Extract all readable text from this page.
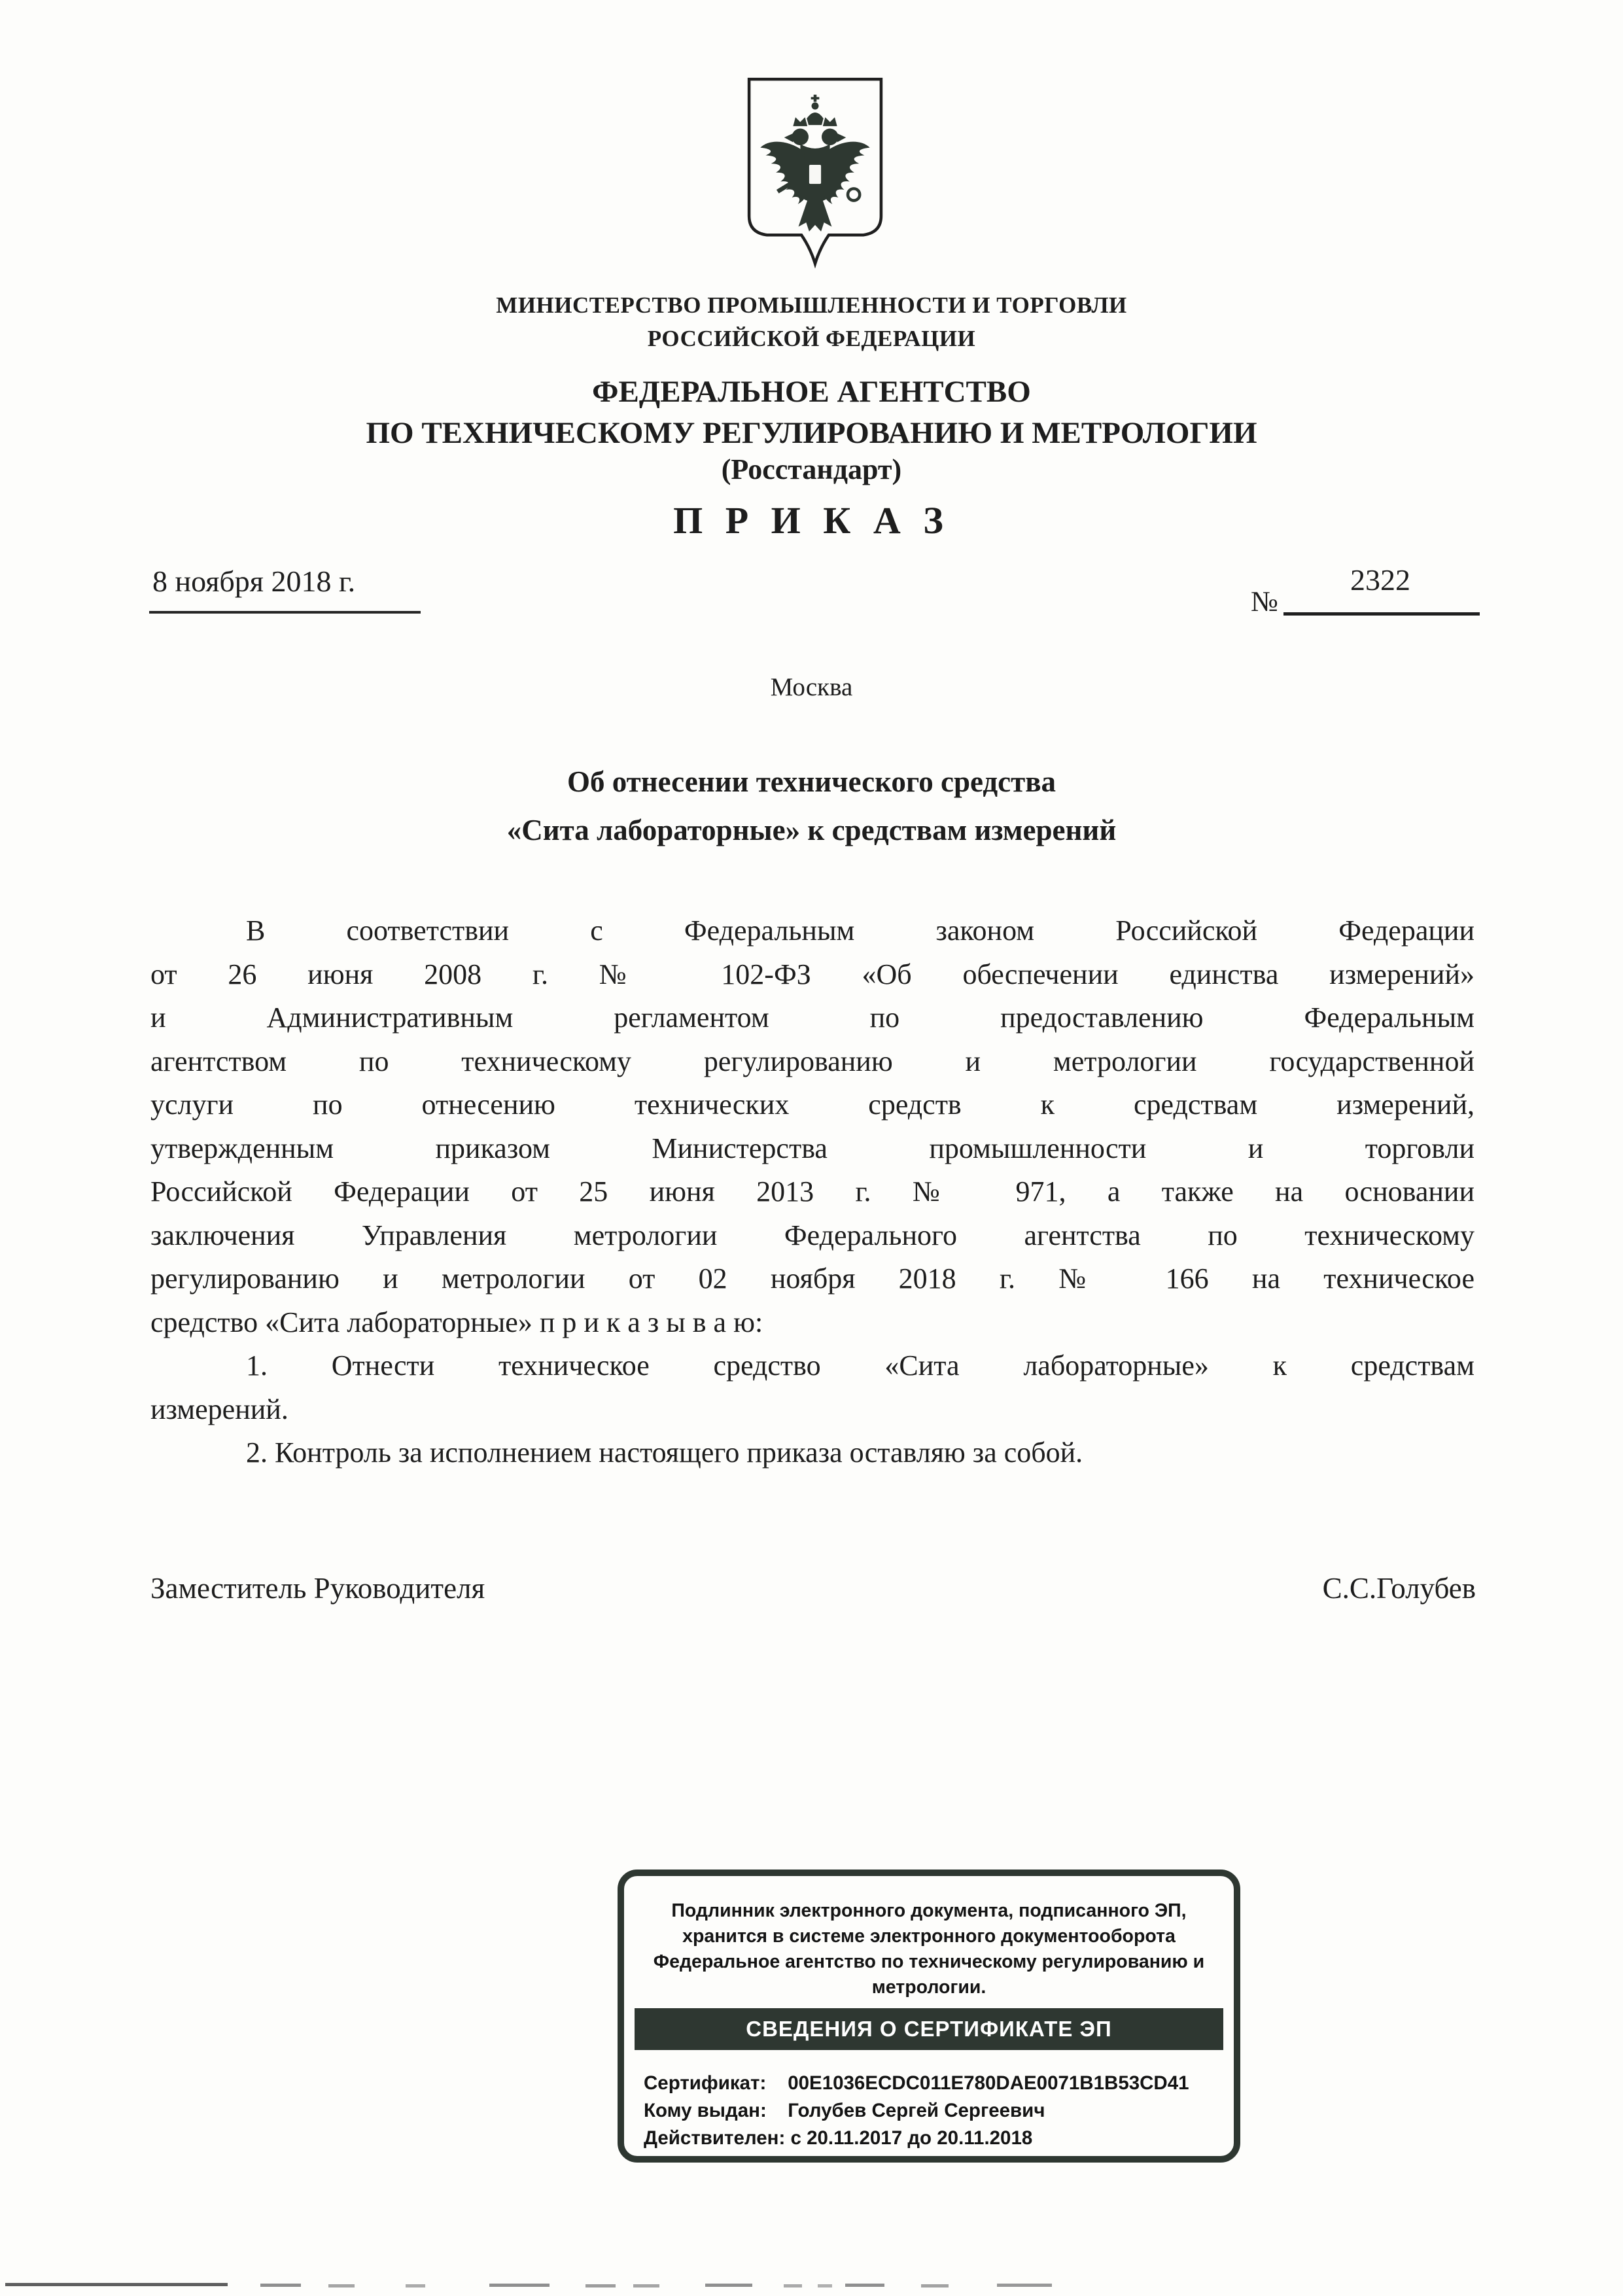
МИНИСТЕРСТВО ПРОМЫШЛЕННОСТИ И ТОРГОВЛИ
РОССИЙСКОЙ ФЕДЕРАЦИИ
ФЕДЕРАЛЬНОЕ АГЕНТСТВО
ПО ТЕХНИЧЕСКОМУ РЕГУЛИРОВАНИЮ И МЕТРОЛОГИИ
(Росстандарт)
П Р И К А З
8 ноября 2018 г.
№
2322
Москва
Об отнесении технического средства
«Сита лабораторные» к средствам измерений
В соответствии с Федеральным законом Российской Федерации
от 26 июня 2008 г. № 102-ФЗ «Об обеспечении единства измерений»
и Административным регламентом по предоставлению Федеральным
агентством по техническому регулированию и метрологии государственной
услуги по отнесению технических средств к средствам измерений,
утвержденным приказом Министерства промышленности и торговли
Российской Федерации от 25 июня 2013 г. № 971, а также на основании
заключения Управления метрологии Федерального агентства по техническому
регулированию и метрологии от 02 ноября 2018 г. № 166 на техническое
средство «Сита лабораторные» п р и к а з ы в а ю:
1. Отнести техническое средство «Сита лабораторные» к средствам
измерений.
2. Контроль за исполнением настоящего приказа оставляю за собой.
Заместитель Руководителя	С.С.Голубев
Подлинник электронного документа, подписанного ЭП,
хранится в системе электронного документооборота
Федеральное агентство по техническому регулированию и
метрологии.
СВЕДЕНИЯ О СЕРТИФИКАТЕ ЭП
Сертификат: 00E1036ECDC011E780DAE0071B1B53CD41
Кому выдан: Голубев Сергей Сергеевич
Действителен: с 20.11.2017 до 20.11.2018
